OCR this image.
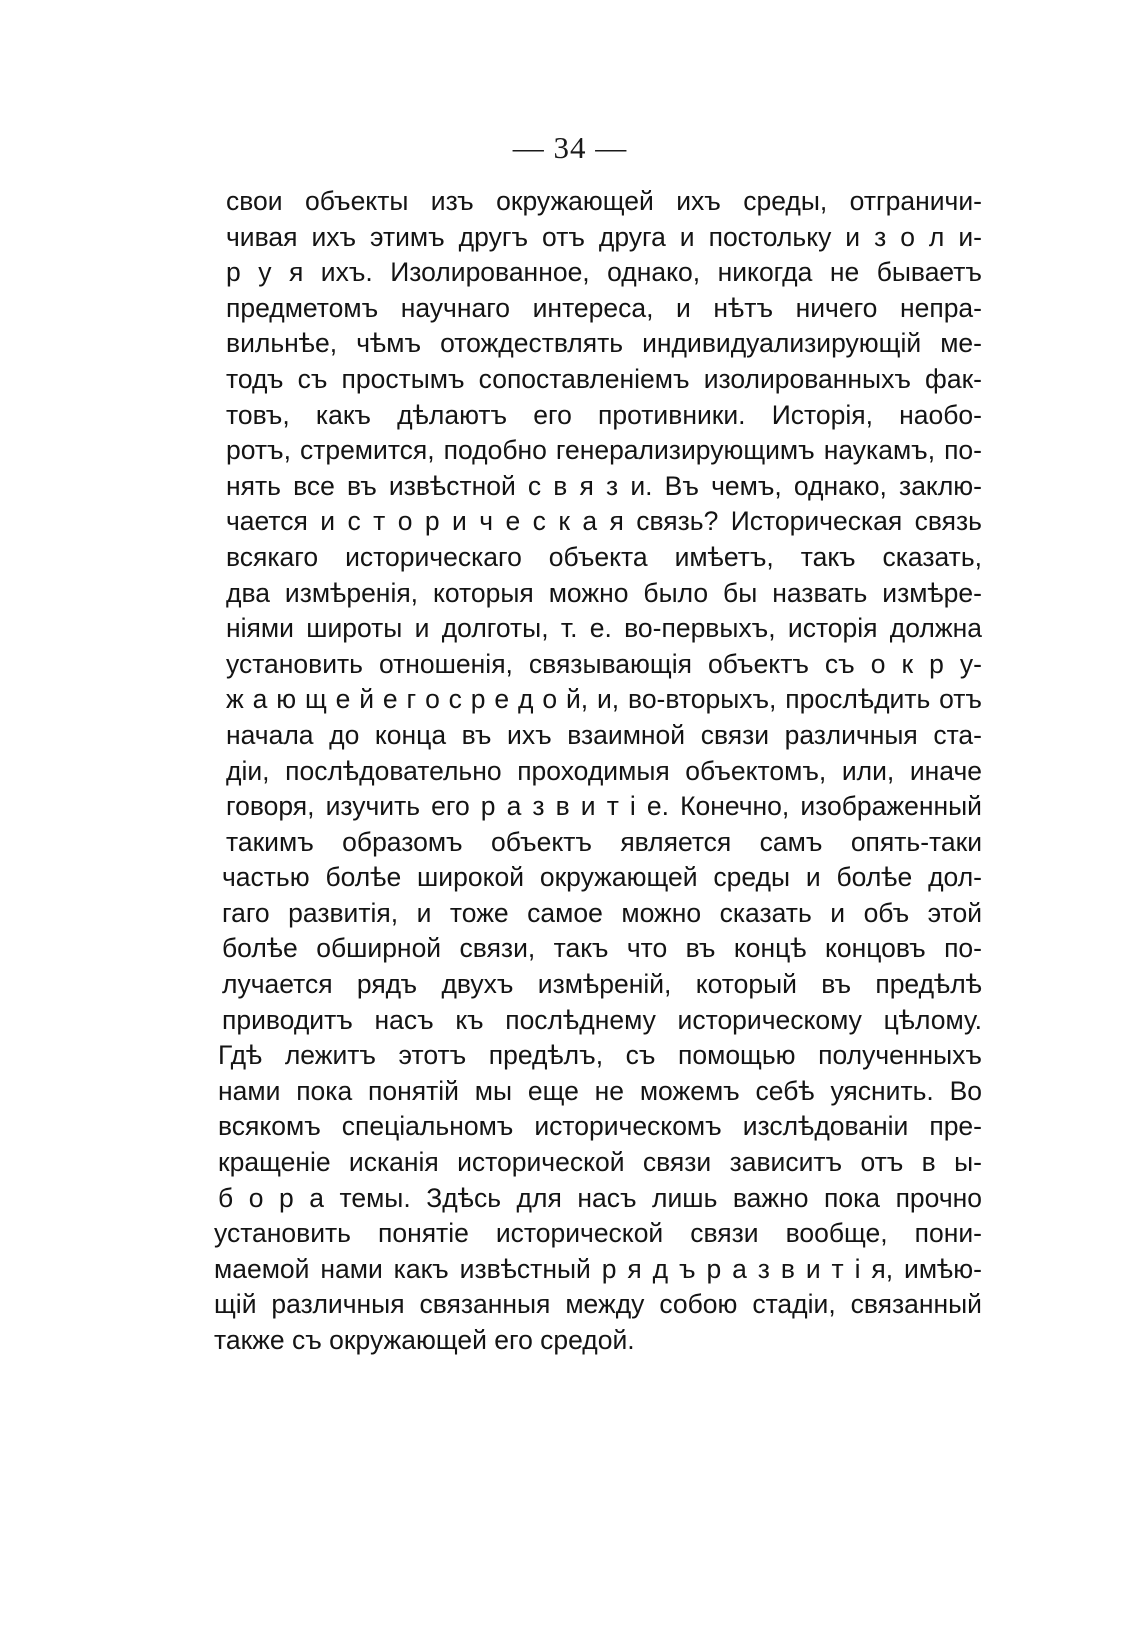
— 34 —
свои объекты изъ окружающей ихъ среды, отграничи-
чивая ихъ этимъ другъ отъ друга и постольку и з о л и-
р у я ихъ. Изолированное, однако, никогда не бываетъ
предметомъ научнаго интереса, и нѣтъ ничего непра-
вильнѣе, чѣмъ отождествлять индивидуализирующій ме-
тодъ съ простымъ сопоставленіемъ изолированныхъ фак-
товъ, какъ дѣлаютъ его противники. Исторія, наобо-
ротъ, стремится, подобно генерализирующимъ наукамъ, по-
нять все въ извѣстной с в я з и. Въ чемъ, однако, заклю-
чается и с т о р и ч е с к а я связь? Историческая связь
всякаго историческаго объекта имѣетъ, такъ сказать,
два измѣренія, которыя можно было бы назвать измѣре-
ніями широты и долготы, т. е. во-первыхъ, исторія должна
установить отношенія, связывающія объектъ съ о к р у-
ж а ю щ е й е г о с р е д о й, и, во-вторыхъ, прослѣдить отъ
начала до конца въ ихъ взаимной связи различныя ста-
діи, послѣдовательно проходимыя объектомъ, или, иначе
говоря, изучить его р а з в и т і е. Конечно, изображенный
такимъ образомъ объектъ является самъ опять-таки
частью болѣе широкой окружающей среды и болѣе дол-
гаго развитія, и тоже самое можно сказать и объ этой
болѣе обширной связи, такъ что въ концѣ концовъ по-
лучается рядъ двухъ измѣреній, который въ предѣлѣ
приводитъ насъ къ послѣднему историческому цѣлому.
Гдѣ лежитъ этотъ предѣлъ, съ помощью полученныхъ
нами пока понятій мы еще не можемъ себѣ уяснить. Во
всякомъ спеціальномъ историческомъ изслѣдованіи пре-
кращеніе исканія исторической связи зависитъ отъ в ы-
б о р а темы. Здѣсь для насъ лишь важно пока прочно
установить понятіе исторической связи вообще, пони-
маемой нами какъ извѣстный р я д ъ р а з в и т і я, имѣю-
щій различныя связанныя между собою стадіи, связанный
также съ окружающей его средой.
